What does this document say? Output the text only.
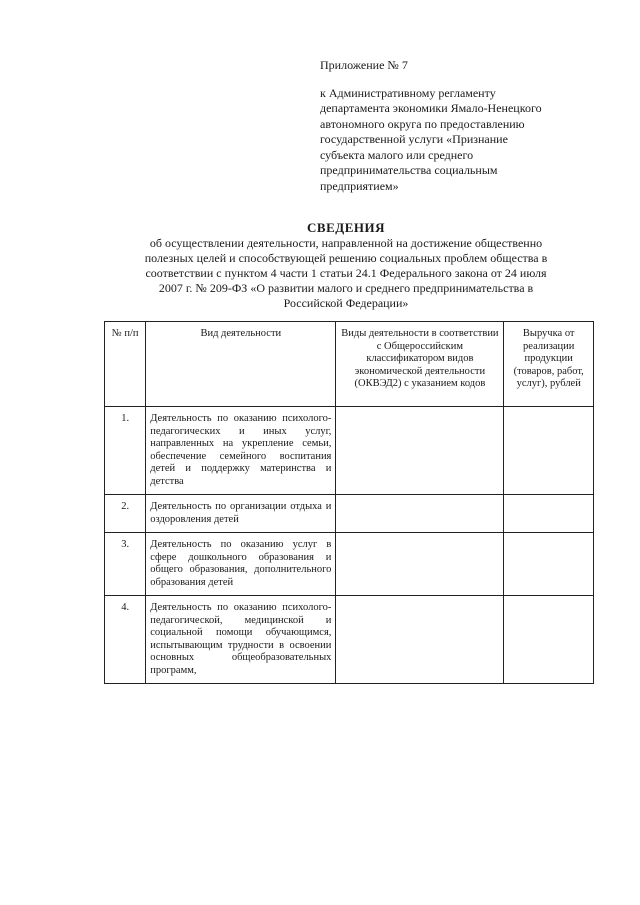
Приложение № 7
к Административному регламенту
департамента экономики Ямало-Ненецкого
автономного округа по предоставлению
государственной услуги «Признание
субъекта малого или среднего
предпринимательства социальным
предприятием»
СВЕДЕНИЯ
об осуществлении деятельности, направленной на достижение общественно
полезных целей и способствующей решению социальных проблем общества в
соответствии с пунктом 4 части 1 статьи 24.1 Федерального закона от 24 июля
2007 г. № 209-ФЗ «О развитии малого и среднего предпринимательства в
Российской Федерации»
№ п/п	Вид деятельности	Виды деятельности в соответствии с Общероссийским классификатором видов экономической деятельности (ОКВЭД2) с указанием кодов	Выручка от реализации продукции (товаров, работ, услуг), рублей
1.	Деятельность по оказанию психолого-педагогических и иных услуг, направленных на укрепление семьи, обеспечение семейного воспитания детей и поддержку материнства и детства		
2.	Деятельность по организации отдыха и оздоровления детей		
3.	Деятельность по оказанию услуг в сфере дошкольного образования и общего образования, дополнительного образования детей		
4.	Деятельность по оказанию психолого-педагогической, медицинской и социальной помощи обучающимся, испытывающим трудности в освоении основных общеобразовательных программ,		
